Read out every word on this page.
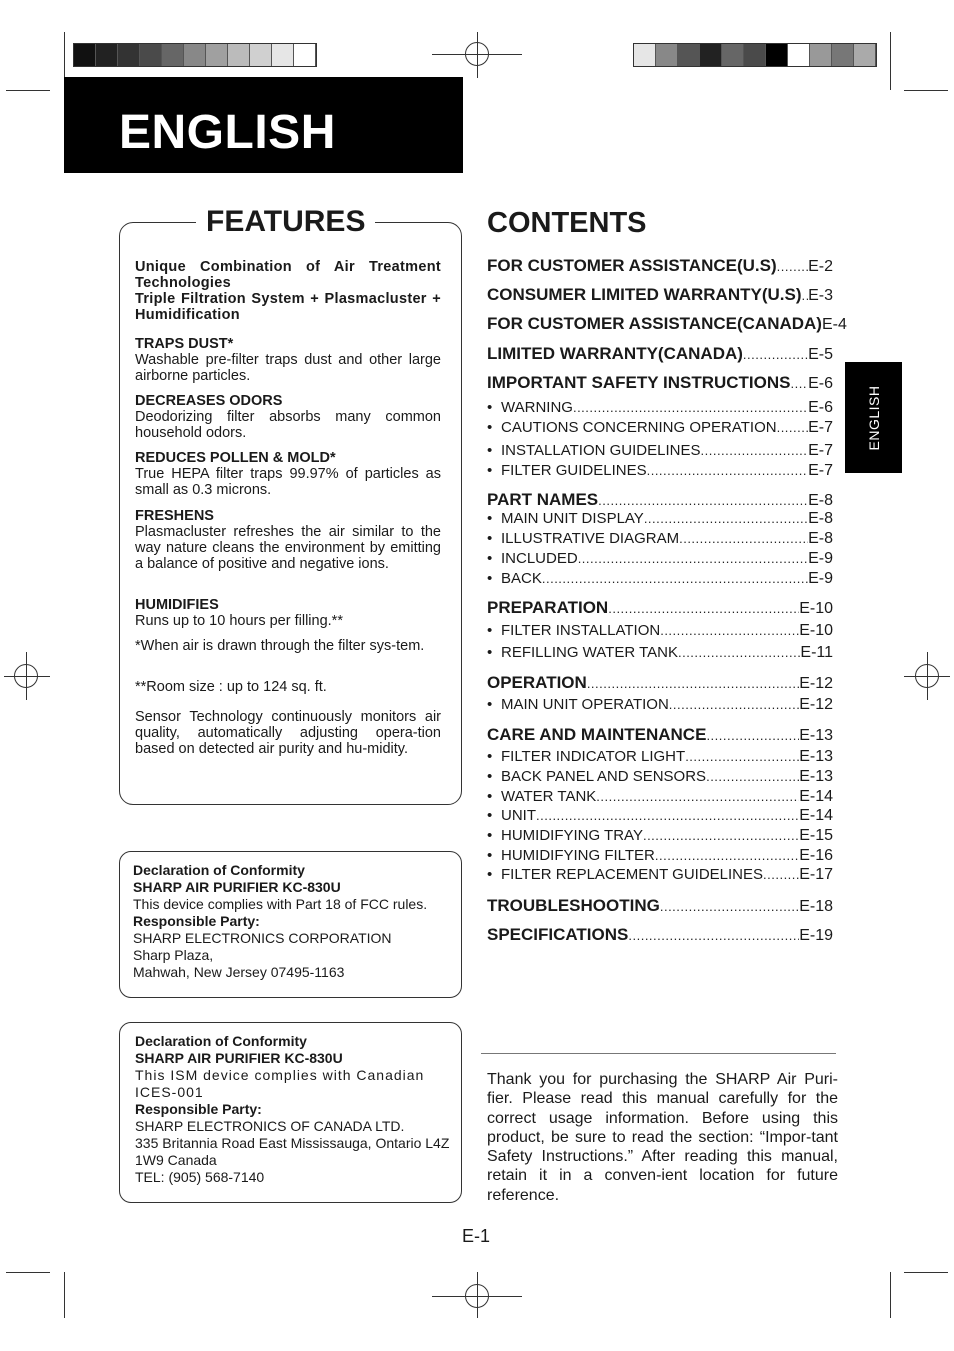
ENGLISH
ENGLISH
FEATURES
Unique Combination of Air Treatment Technologies
Triple Filtration System + Plasmacluster + Humidification
TRAPS DUST*
Washable pre-filter traps dust and other large airborne particles.
DECREASES ODORS
Deodorizing filter absorbs many common household odors.
REDUCES POLLEN & MOLD*
True HEPA filter traps 99.97% of particles as small as 0.3 microns.
FRESHENS
Plasmacluster refreshes the air similar to the way nature cleans the environment by emitting a balance of positive and negative ions.
HUMIDIFIES
Runs up to 10 hours per filling.**
*When air is drawn through the filter sys-tem.
**Room size : up to 124 sq. ft.
Sensor Technology continuously monitors air quality, automatically adjusting opera-tion based on detected air purity and hu-midity.
Declaration of Conformity
SHARP AIR PURIFIER KC-830U
This device complies with Part 18 of FCC rules.
Responsible Party:
SHARP ELECTRONICS CORPORATION
Sharp Plaza,
Mahwah, New Jersey 07495-1163
Declaration of Conformity
SHARP AIR PURIFIER KC-830U
This ISM device complies with Canadian ICES-001
Responsible Party:
SHARP ELECTRONICS OF CANADA LTD.
335 Britannia Road East Mississauga, Ontario L4Z 1W9 Canada
TEL: (905) 568-7140
CONTENTS
FOR CUSTOMER ASSISTANCE(U.S) ..... E-2
CONSUMER LIMITED WARRANTY(U.S) ..... E-3
FOR CUSTOMER ASSISTANCE(CANADA) E-4
LIMITED WARRANTY(CANADA) .....	E-5
IMPORTANT SAFETY INSTRUCTIONS ..... E-6
• WARNING .....	E-6
• CAUTIONS CONCERNING OPERATION ..... E-7
• INSTALLATION GUIDELINES .....	E-7
• FILTER GUIDELINES .....	E-7
PART NAMES .....	E-8
• MAIN UNIT DISPLAY .....	E-8
• ILLUSTRATIVE DIAGRAM .....	E-8
• INCLUDED .....	E-9
• BACK .....	E-9
PREPARATION .....	E-10
• FILTER INSTALLATION .....	E-10
• REFILLING WATER TANK .....	E-11
OPERATION .....	E-12
• MAIN UNIT OPERATION .....	E-12
CARE AND MAINTENANCE .....	E-13
• FILTER INDICATOR LIGHT .....	E-13
• BACK PANEL AND SENSORS .....	E-13
• WATER TANK .....	E-14
• UNIT .....	E-14
• HUMIDIFYING TRAY .....	E-15
• HUMIDIFYING FILTER .....	E-16
• FILTER REPLACEMENT GUIDELINES ..... E-17
TROUBLESHOOTING .....	E-18
SPECIFICATIONS .....	E-19
Thank you for purchasing the SHARP Air Puri-fier. Please read this manual carefully for the correct usage information. Before using this product, be sure to read the section: “Impor-tant Safety Instructions.” After reading this manual, retain it in a conven-ient location for future reference.
E-1
